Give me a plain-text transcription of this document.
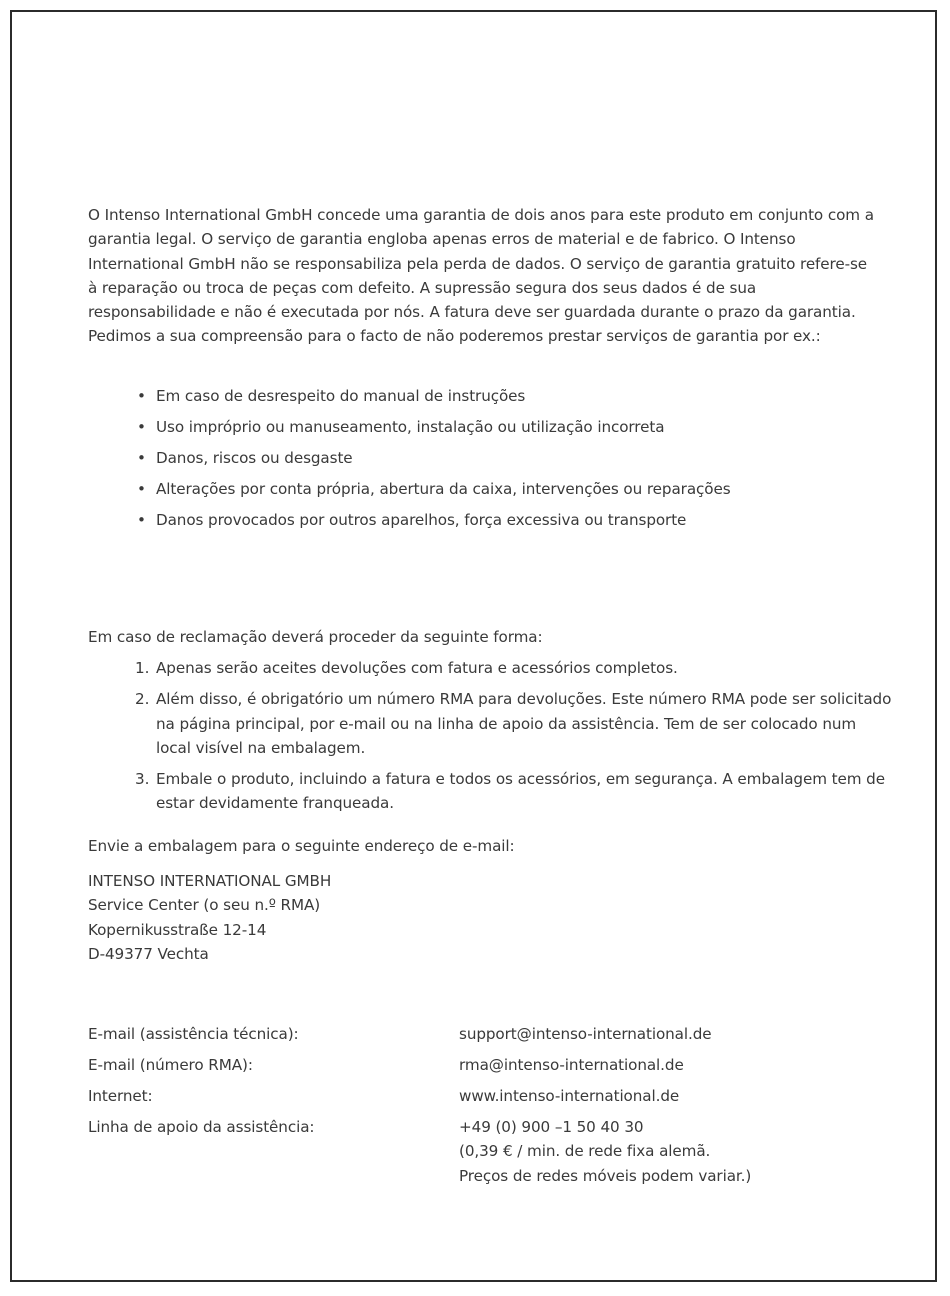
O Intenso International GmbH concede uma garantia de dois anos para este produto em conjunto com a garantia legal. O serviço de garantia engloba apenas erros de material e de fabrico. O Intenso International GmbH não se responsabiliza pela perda de dados. O serviço de garantia gratuito refere-se à reparação ou troca de peças com defeito. A supressão segura dos seus dados é de sua responsabilidade e não é executada por nós. A fatura deve ser guardada durante o prazo da garantia. Pedimos a sua compreensão para o facto de não poderemos prestar serviços de garantia por ex.:

• Em caso de desrespeito do manual de instruções
• Uso impróprio ou manuseamento, instalação ou utilização incorreta
• Danos, riscos ou desgaste
• Alterações por conta própria, abertura da caixa, intervenções ou reparações
• Danos provocados por outros aparelhos, força excessiva ou transporte

Em caso de reclamação deverá proceder da seguinte forma:

1. Apenas serão aceites devoluções com fatura e acessórios completos.
2. Além disso, é obrigatório um número RMA para devoluções. Este número RMA pode ser solicitado na página principal, por e-mail ou na linha de apoio da assistência. Tem de ser colocado num local visível na embalagem.
3. Embale o produto, incluindo a fatura e todos os acessórios, em segurança. A embalagem tem de estar devidamente franqueada.

Envie a embalagem para o seguinte endereço de e-mail:

INTENSO INTERNATIONAL GMBH
Service Center (o seu n.º RMA)
Kopernikusstraße 12-14
D-49377 Vechta
E-mail (assistência técnica):	support@intenso-international.de
E-mail (número RMA):	rma@intenso-international.de
Internet:	www.intenso-international.de
Linha de apoio da assistência:	+49 (0) 900 –1 50 40 30
(0,39 € / min. de rede fixa alemã.
Preços de redes móveis podem variar.)
